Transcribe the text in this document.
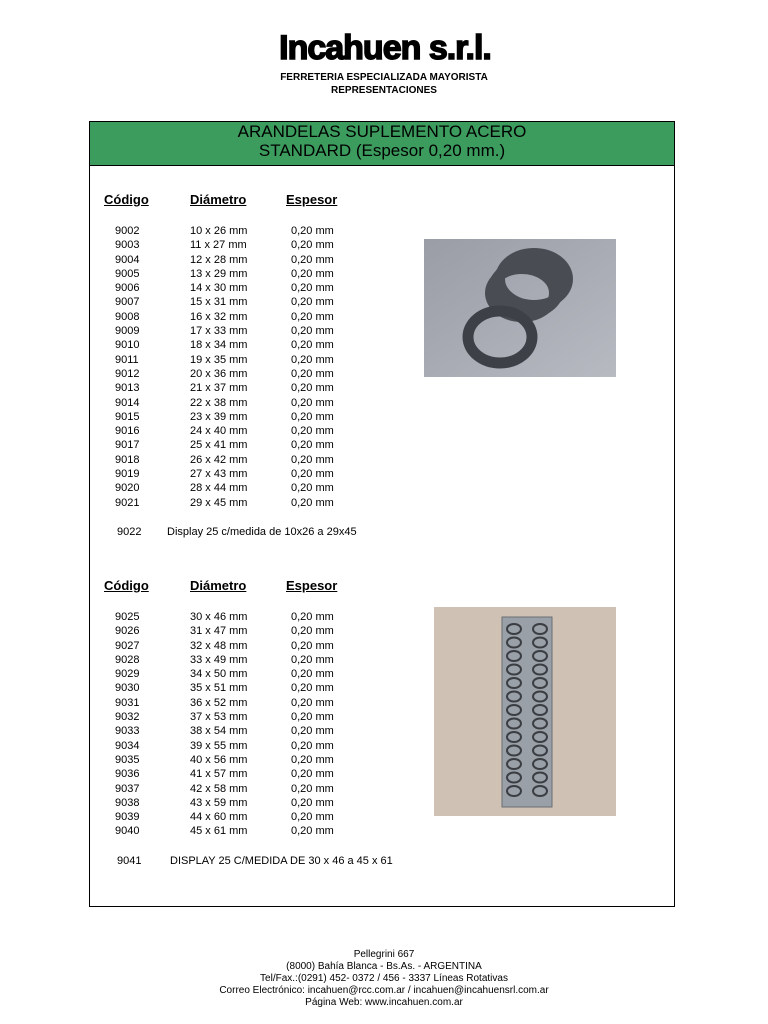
Incahuen s.r.l.
FERRETERIA ESPECIALIZADA MAYORISTA
REPRESENTACIONES
ARANDELAS SUPLEMENTO ACERO
STANDARD (Espesor 0,20 mm.)
Código	Diámetro	Espesor
9002	10 x 26 mm	0,20 mm
9003	11 x 27 mm	0,20 mm
9004	12 x 28 mm	0,20 mm
9005	13 x 29 mm	0,20 mm
9006	14 x 30 mm	0,20 mm
9007	15 x 31 mm	0,20 mm
9008	16 x 32 mm	0,20 mm
9009	17 x 33 mm	0,20 mm
9010	18 x 34 mm	0,20 mm
9011	19 x 35 mm	0,20 mm
9012	20 x 36 mm	0,20 mm
9013	21 x 37 mm	0,20 mm
9014	22 x 38 mm	0,20 mm
9015	23 x 39 mm	0,20 mm
9016	24 x 40 mm	0,20 mm
9017	25 x 41 mm	0,20 mm
9018	26 x 42 mm	0,20 mm
9019	27 x 43 mm	0,20 mm
9020	28 x 44 mm	0,20 mm
9021	29 x 45 mm	0,20 mm
9022 Display 25 c/medida de 10x26 a 29x45
Código	Diámetro	Espesor
9025	30 x 46 mm	0,20 mm
9026	31 x 47 mm	0,20 mm
9027	32 x 48 mm	0,20 mm
9028	33 x 49 mm	0,20 mm
9029	34 x 50 mm	0,20 mm
9030	35 x 51 mm	0,20 mm
9031	36 x 52 mm	0,20 mm
9032	37 x 53 mm	0,20 mm
9033	38 x 54 mm	0,20 mm
9034	39 x 55 mm	0,20 mm
9035	40 x 56 mm	0,20 mm
9036	41 x 57 mm	0,20 mm
9037	42 x 58 mm	0,20 mm
9038	43 x 59 mm	0,20 mm
9039	44 x 60 mm	0,20 mm
9040	45 x 61 mm	0,20 mm
9041	DISPLAY 25 C/MEDIDA DE 30 x 46 a 45 x 61
Pellegrini 667
(8000) Bahía Blanca - Bs.As. - ARGENTINA
Tel/Fax.:(0291) 452- 0372 / 456 - 3337 Líneas Rotativas
Correo Electrónico: incahuen@rcc.com.ar / incahuen@incahuensrl.com.ar
Página Web: www.incahuen.com.ar
